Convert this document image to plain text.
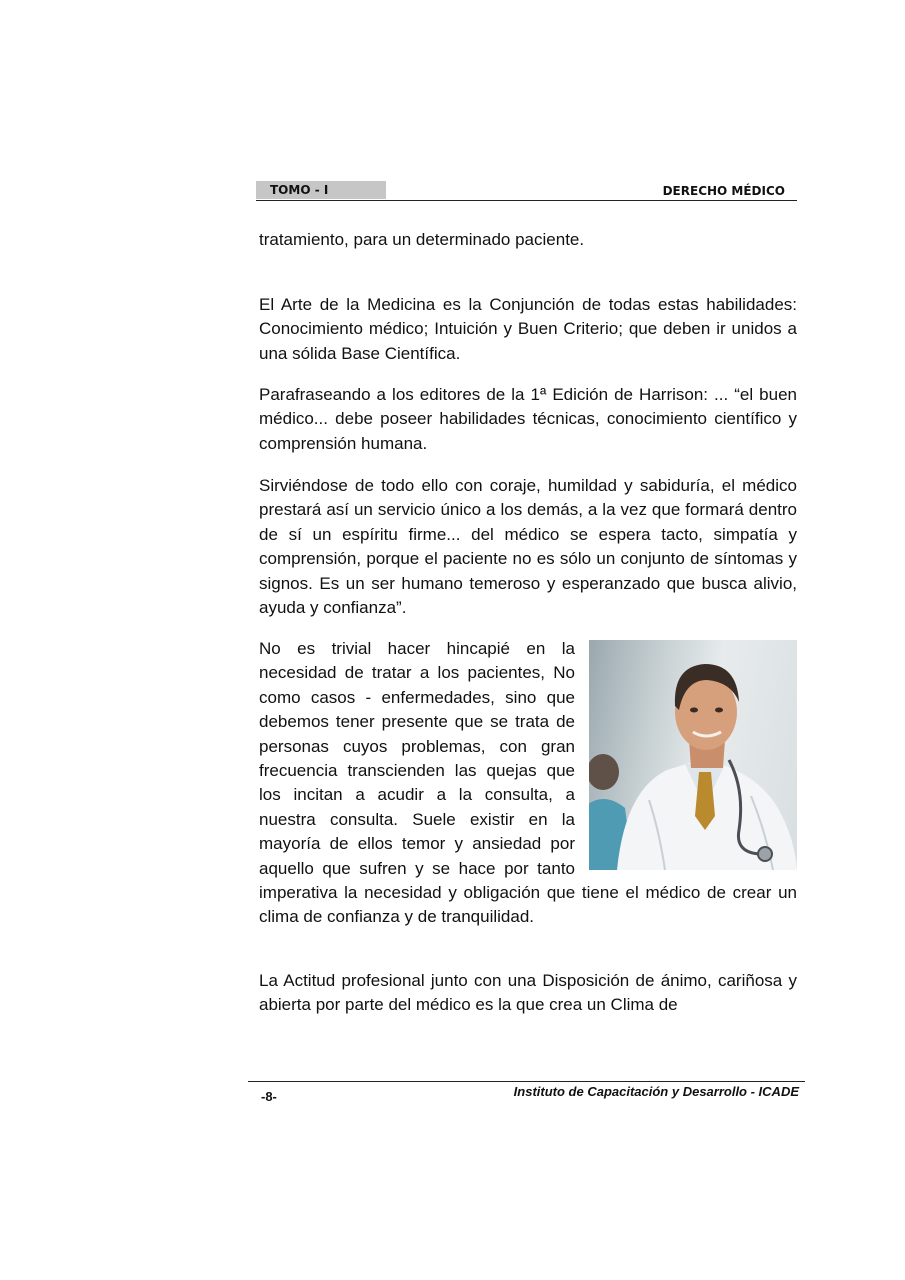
TOMO - I	DERECHO MÉDICO

tratamiento, para un determinado paciente.

El Arte de la Medicina es la Conjunción de todas estas habilidades: Conocimiento médico; Intuición y Buen Criterio; que deben ir unidos a una sólida Base Científica.

Parafraseando a los editores de la 1ª Edición de Harrison: ... “el buen médico... debe poseer habilidades técnicas, conocimiento científico y comprensión humana.

Sirviéndose de todo ello con coraje, humildad y sabiduría, el médico prestará así un servicio único a los demás, a la vez que formará dentro de sí un espíritu firme... del médico se espera tacto, simpatía y comprensión, porque el paciente no es sólo un conjunto de síntomas y signos. Es un ser humano temeroso y esperanzado que busca alivio, ayuda y confianza”.

No es trivial hacer hincapié en la necesidad de tratar a los pacientes, No como casos - enfermedades, sino que debemos tener presente que se trata de personas cuyos problemas, con gran frecuencia transcienden las quejas que los incitan a acudir a la consulta, a nuestra consulta. Suele existir en la mayoría de ellos temor y ansiedad por aquello que sufren y se hace por tanto imperativa la necesidad y obligación que tiene el médico de crear un clima de confianza y de tranquilidad.

La Actitud profesional junto con una Disposición de ánimo, cariñosa y abierta por parte del médico es la que crea un Clima de

-8-	Instituto de Capacitación y Desarrollo - ICADE
